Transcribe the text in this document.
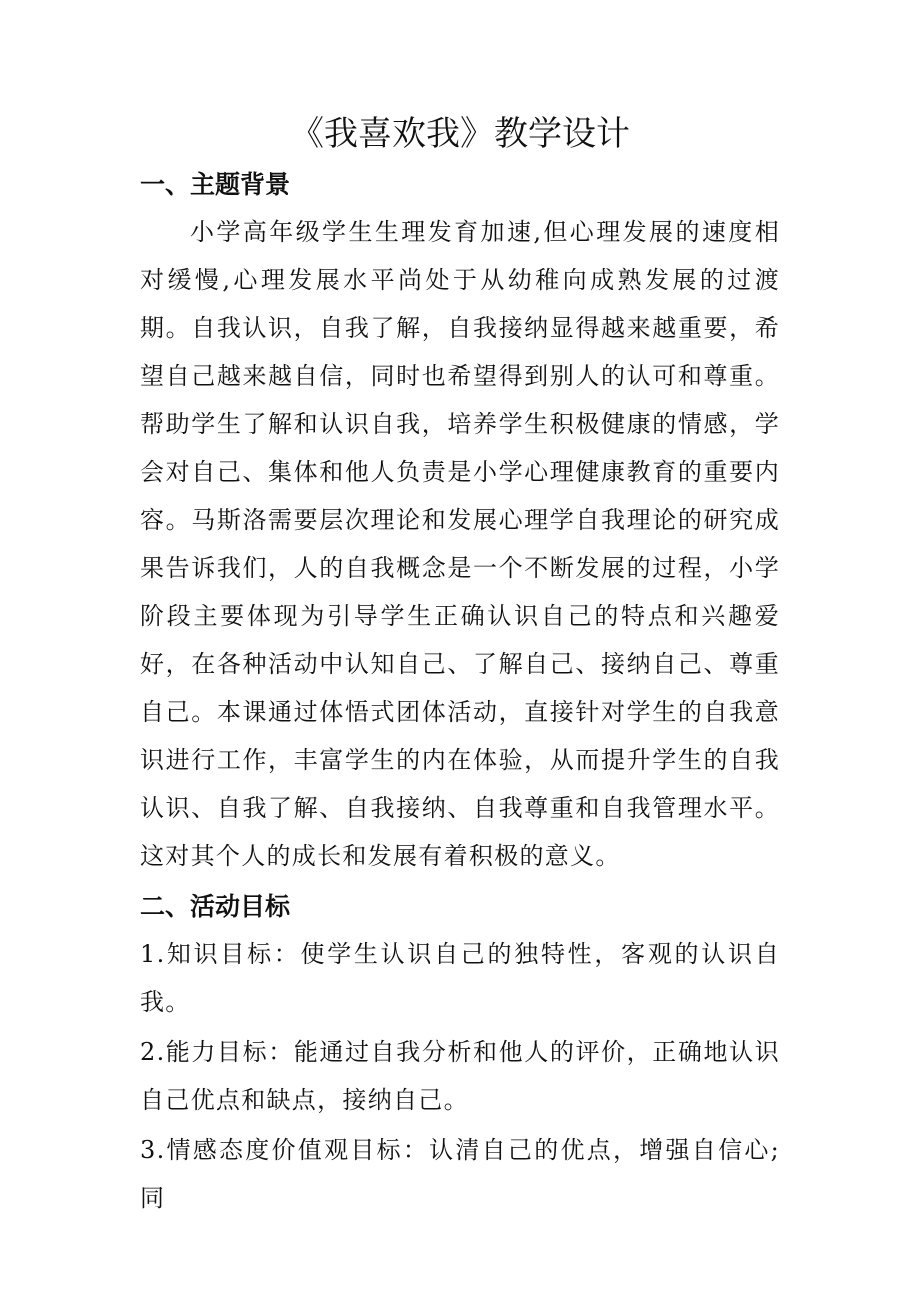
《我喜欢我》教学设计
一、主题背景

小学高年级学生生理发育加速,但心理发展的速度相对缓慢,心理发展水平尚处于从幼稚向成熟发展的过渡期。自我认识，自我了解，自我接纳显得越来越重要，希望自己越来越自信，同时也希望得到别人的认可和尊重。帮助学生了解和认识自我，培养学生积极健康的情感，学会对自己、集体和他人负责是小学心理健康教育的重要内容。马斯洛需要层次理论和发展心理学自我理论的研究成果告诉我们，人的自我概念是一个不断发展的过程，小学阶段主要体现为引导学生正确认识自己的特点和兴趣爱好，在各种活动中认知自己、了解自己、接纳自己、尊重自己。本课通过体悟式团体活动，直接针对学生的自我意识进行工作，丰富学生的内在体验，从而提升学生的自我认识、自我了解、自我接纳、自我尊重和自我管理水平。这对其个人的成长和发展有着积极的意义。

二、活动目标

1.知识目标：使学生认识自己的独特性，客观的认识自我。

2.能力目标：能通过自我分析和他人的评价，正确地认识自己优点和缺点，接纳自己。

3.情感态度价值观目标：认清自己的优点，增强自信心;同
